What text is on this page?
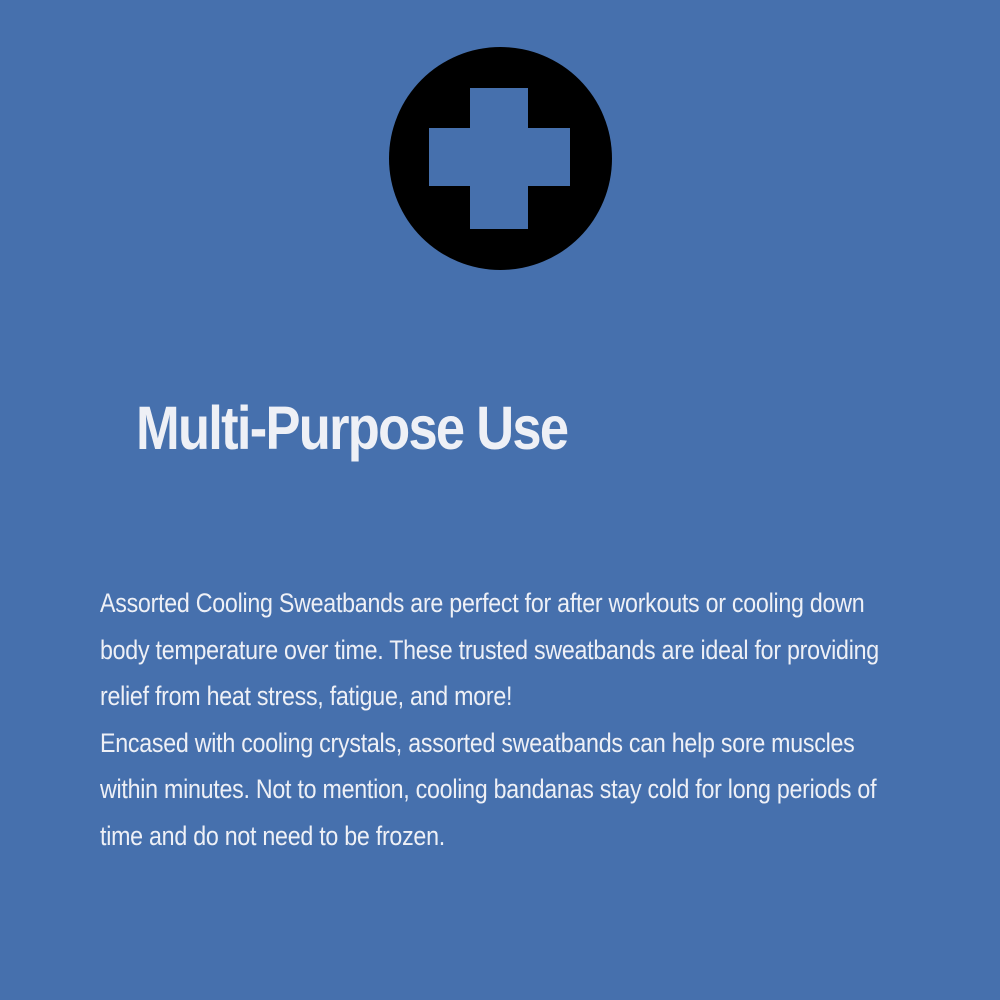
Multi-Purpose Use

Assorted Cooling Sweatbands are perfect for after workouts or cooling down body temperature over time. These trusted sweatbands are ideal for providing relief from heat stress, fatigue, and more!

Encased with cooling crystals, assorted sweatbands can help sore muscles within minutes. Not to mention, cooling bandanas stay cold for long periods of time and do not need to be frozen.
